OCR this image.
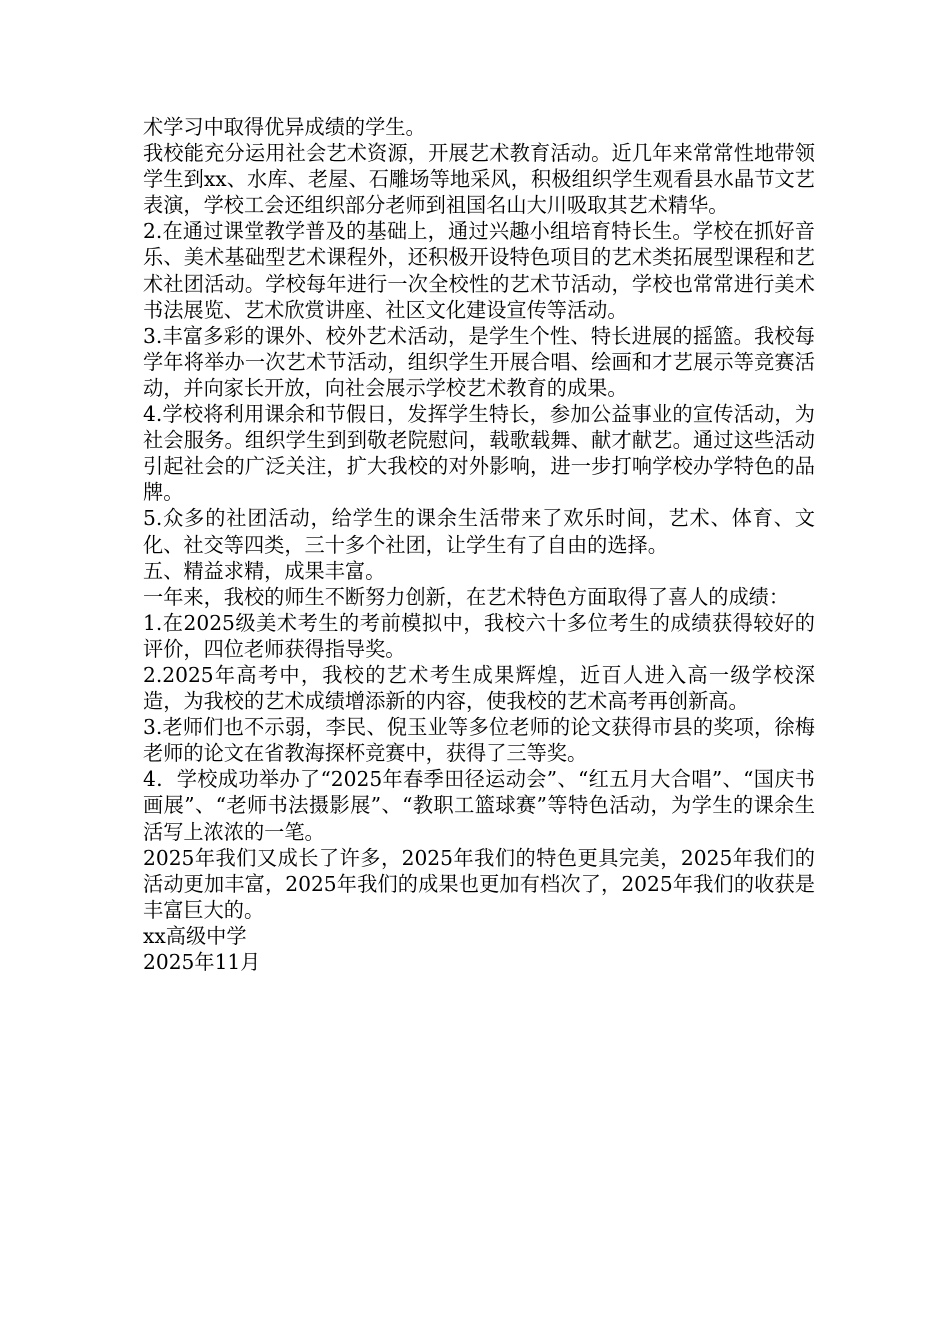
术学习中取得优异成绩的学生。

我校能充分运用社会艺术资源，开展艺术教育活动。近几年来常常性地带领学生到xx、水库、老屋、石雕场等地采风，积极组织学生观看县水晶节文艺表演，学校工会还组织部分老师到祖国名山大川吸取其艺术精华。

2.在通过课堂教学普及的基础上，通过兴趣小组培育特长生。学校在抓好音乐、美术基础型艺术课程外，还积极开设特色项目的艺术类拓展型课程和艺术社团活动。学校每年进行一次全校性的艺术节活动，学校也常常进行美术书法展览、艺术欣赏讲座、社区文化建设宣传等活动。

3.丰富多彩的课外、校外艺术活动，是学生个性、特长进展的摇篮。我校每学年将举办一次艺术节活动，组织学生开展合唱、绘画和才艺展示等竞赛活动，并向家长开放，向社会展示学校艺术教育的成果。

4.学校将利用课余和节假日，发挥学生特长，参加公益事业的宣传活动，为社会服务。组织学生到到敬老院慰问，载歌载舞、献才献艺。通过这些活动引起社会的广泛关注，扩大我校的对外影响，进一步打响学校办学特色的品牌。

5.众多的社团活动，给学生的课余生活带来了欢乐时间，艺术、体育、文化、社交等四类，三十多个社团，让学生有了自由的选择。

五、精益求精，成果丰富。

一年来，我校的师生不断努力创新，在艺术特色方面取得了喜人的成绩：

1.在2025级美术考生的考前模拟中，我校六十多位考生的成绩获得较好的评价，四位老师获得指导奖。

2.2025年高考中，我校的艺术考生成果辉煌，近百人进入高一级学校深造，为我校的艺术成绩增添新的内容，使我校的艺术高考再创新高。

3.老师们也不示弱，李民、倪玉业等多位老师的论文获得市县的奖项，徐梅老师的论文在省教海探杯竞赛中，获得了三等奖。

4．学校成功举办了“2025年春季田径运动会”、“红五月大合唱”、“国庆书画展”、“老师书法摄影展”、“教职工篮球赛”等特色活动，为学生的课余生活写上浓浓的一笔。

2025年我们又成长了许多，2025年我们的特色更具完美，2025年我们的活动更加丰富，2025年我们的成果也更加有档次了，2025年我们的收获是丰富巨大的。

xx高级中学

2025年11月
